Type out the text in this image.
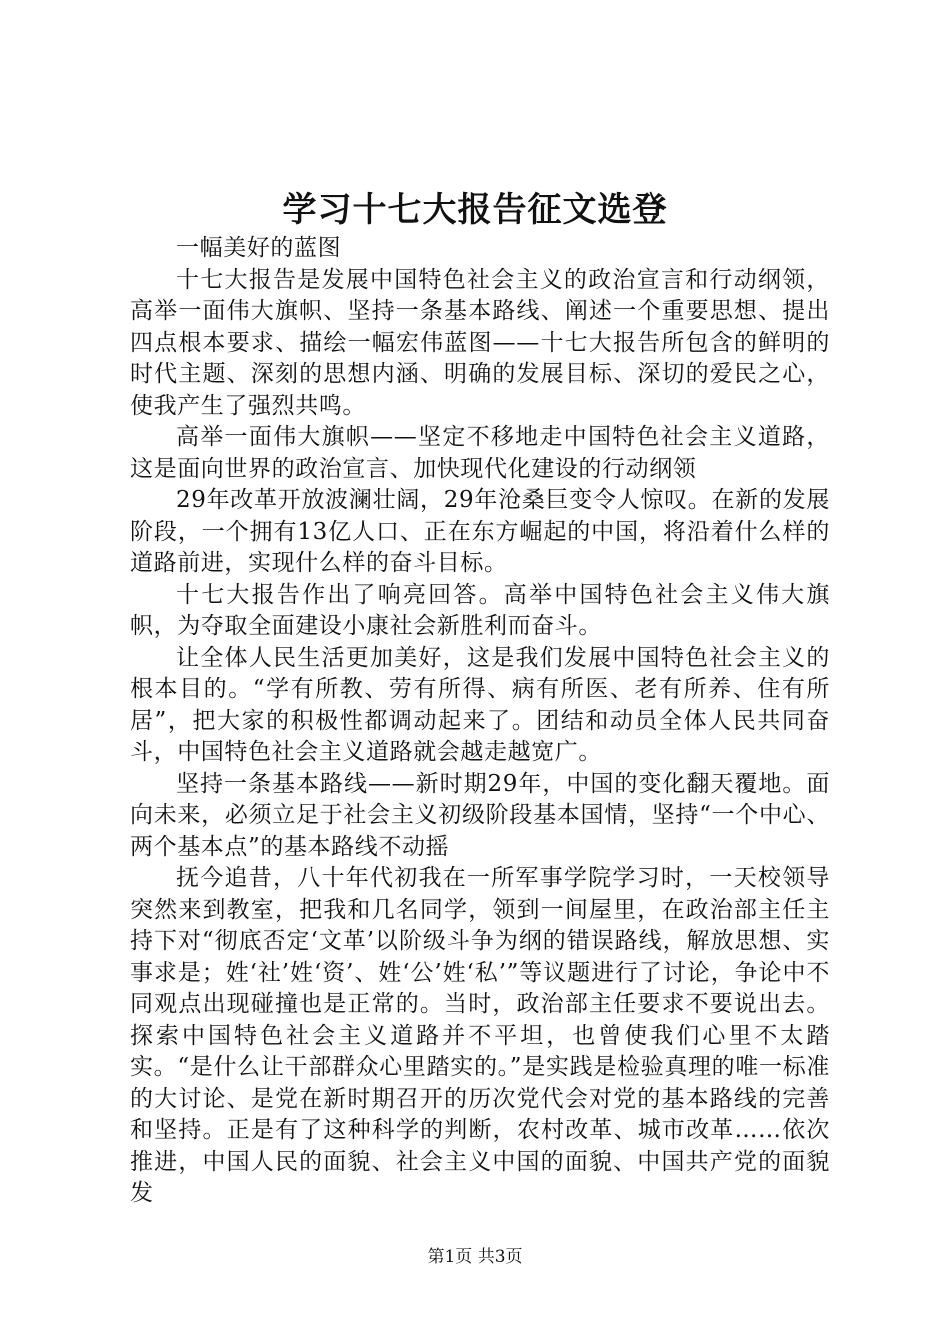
学习十七大报告征文选登

一幅美好的蓝图

十七大报告是发展中国特色社会主义的政治宣言和行动纲领，高举一面伟大旗帜、坚持一条基本路线、阐述一个重要思想、提出四点根本要求、描绘一幅宏伟蓝图——十七大报告所包含的鲜明的时代主题、深刻的思想内涵、明确的发展目标、深切的爱民之心，使我产生了强烈共鸣。

高举一面伟大旗帜——坚定不移地走中国特色社会主义道路，这是面向世界的政治宣言、加快现代化建设的行动纲领

29年改革开放波澜壮阔，29年沧桑巨变令人惊叹。在新的发展阶段，一个拥有13亿人口、正在东方崛起的中国，将沿着什么样的道路前进，实现什么样的奋斗目标。

十七大报告作出了响亮回答。高举中国特色社会主义伟大旗帜，为夺取全面建设小康社会新胜利而奋斗。

让全体人民生活更加美好，这是我们发展中国特色社会主义的根本目的。“学有所教、劳有所得、病有所医、老有所养、住有所居”，把大家的积极性都调动起来了。团结和动员全体人民共同奋斗，中国特色社会主义道路就会越走越宽广。

坚持一条基本路线——新时期29年，中国的变化翻天覆地。面向未来，必须立足于社会主义初级阶段基本国情，坚持“一个中心、两个基本点”的基本路线不动摇

抚今追昔，八十年代初我在一所军事学院学习时，一天校领导突然来到教室，把我和几名同学，领到一间屋里，在政治部主任主持下对“彻底否定‘文革’以阶级斗争为纲的错误路线，解放思想、实事求是；姓‘社’姓‘资’、姓‘公’姓‘私’”等议题进行了讨论，争论中不同观点出现碰撞也是正常的。当时，政治部主任要求不要说出去。探索中国特色社会主义道路并不平坦，也曾使我们心里不太踏实。“是什么让干部群众心里踏实的。”是实践是检验真理的唯一标准的大讨论、是党在新时期召开的历次党代会对党的基本路线的完善和坚持。正是有了这种科学的判断，农村改革、城市改革……依次推进，中国人民的面貌、社会主义中国的面貌、中国共产党的面貌发

第1页 共3页
